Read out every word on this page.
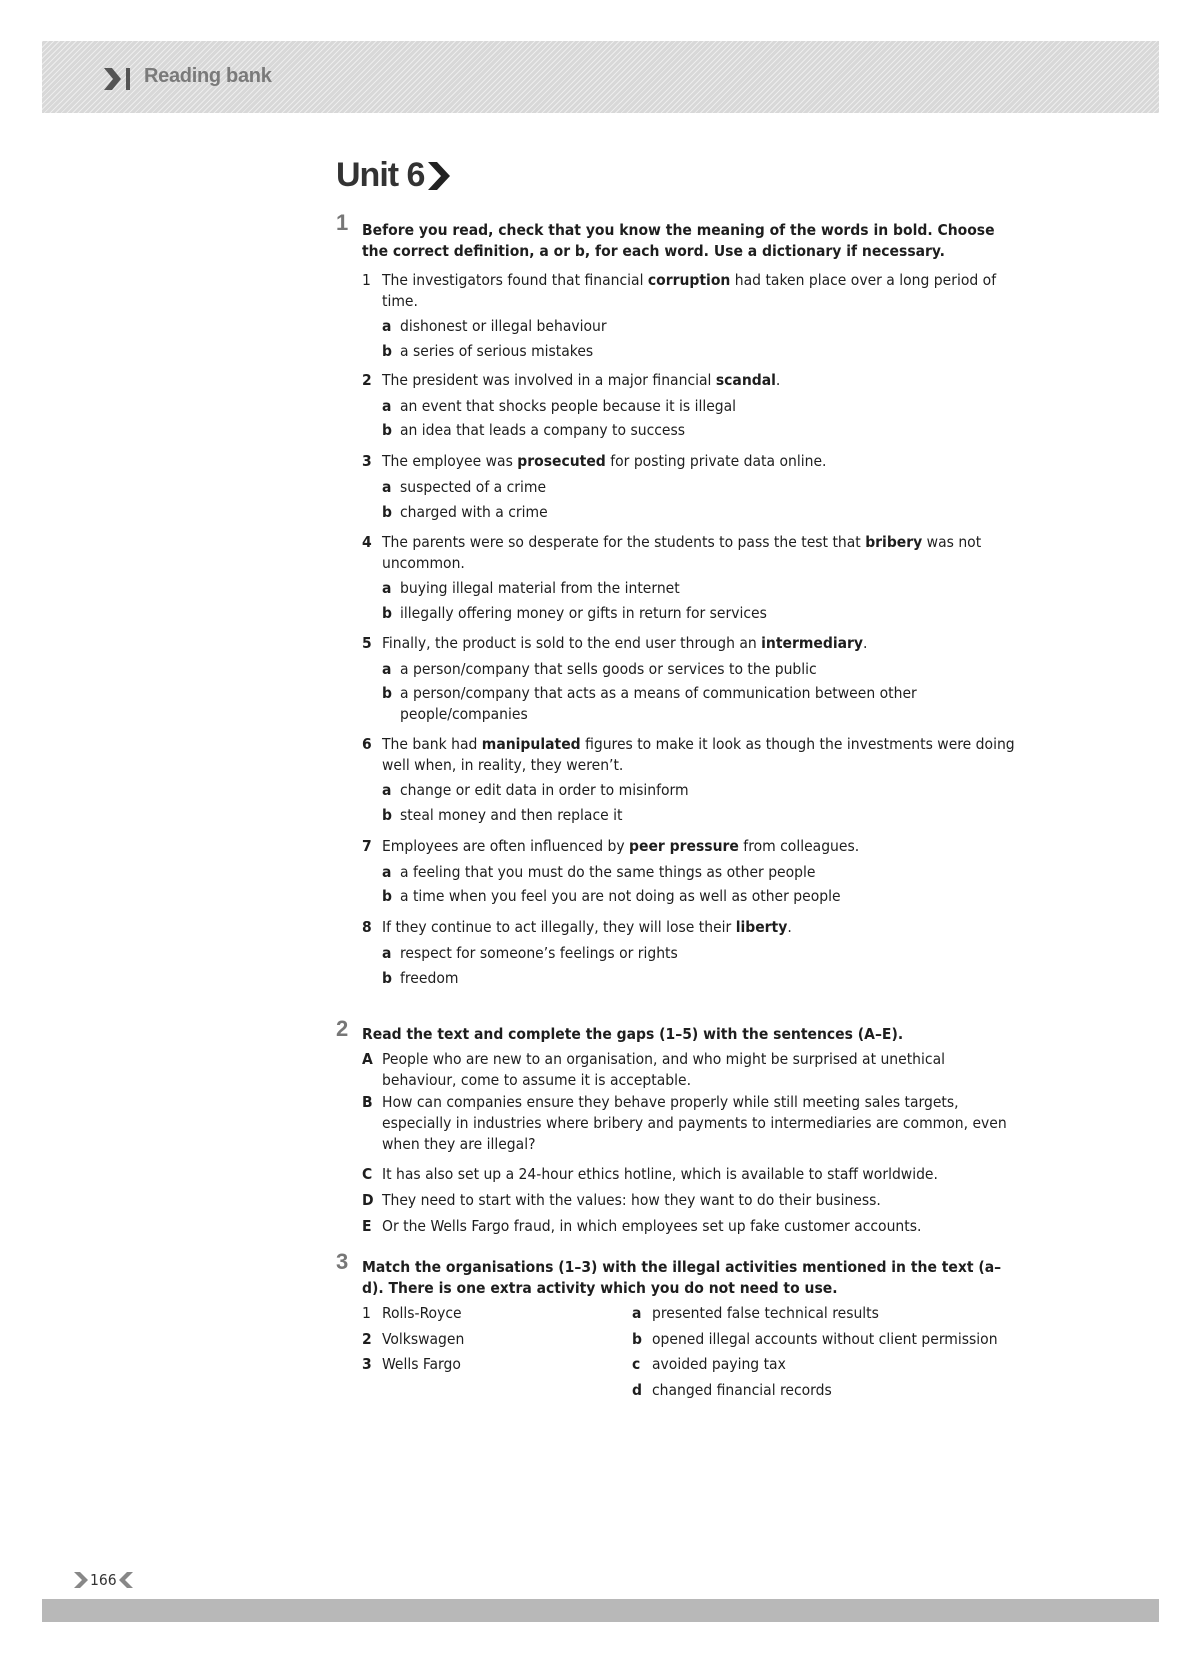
Reading bank
Unit 6
1 Before you read, check that you know the meaning of the words in bold. Choose the correct definition, a or b, for each word. Use a dictionary if necessary.
1 The investigators found that financial corruption had taken place over a long period of time.
a dishonest or illegal behaviour
b a series of serious mistakes
2 The president was involved in a major financial scandal.
a an event that shocks people because it is illegal
b an idea that leads a company to success
3 The employee was prosecuted for posting private data online.
a suspected of a crime
b charged with a crime
4 The parents were so desperate for the students to pass the test that bribery was not uncommon.
a buying illegal material from the internet
b illegally offering money or gifts in return for services
5 Finally, the product is sold to the end user through an intermediary.
a a person/company that sells goods or services to the public
b a person/company that acts as a means of communication between other people/companies
6 The bank had manipulated figures to make it look as though the investments were doing well when, in reality, they weren’t.
a change or edit data in order to misinform
b steal money and then replace it
7 Employees are often influenced by peer pressure from colleagues.
a a feeling that you must do the same things as other people
b a time when you feel you are not doing as well as other people
8 If they continue to act illegally, they will lose their liberty.
a respect for someone’s feelings or rights
b freedom
2 Read the text and complete the gaps (1–5) with the sentences (A–E).
A People who are new to an organisation, and who might be surprised at unethical behaviour, come to assume it is acceptable.
B How can companies ensure they behave properly while still meeting sales targets, especially in industries where bribery and payments to intermediaries are common, even when they are illegal?
C It has also set up a 24-hour ethics hotline, which is available to staff worldwide.
D They need to start with the values: how they want to do their business.
E Or the Wells Fargo fraud, in which employees set up fake customer accounts.
3 Match the organisations (1–3) with the illegal activities mentioned in the text (a–d). There is one extra activity which you do not need to use.
1 Rolls-Royce
2 Volkswagen
3 Wells Fargo
a presented false technical results
b opened illegal accounts without client permission
c avoided paying tax
d changed financial records
166
